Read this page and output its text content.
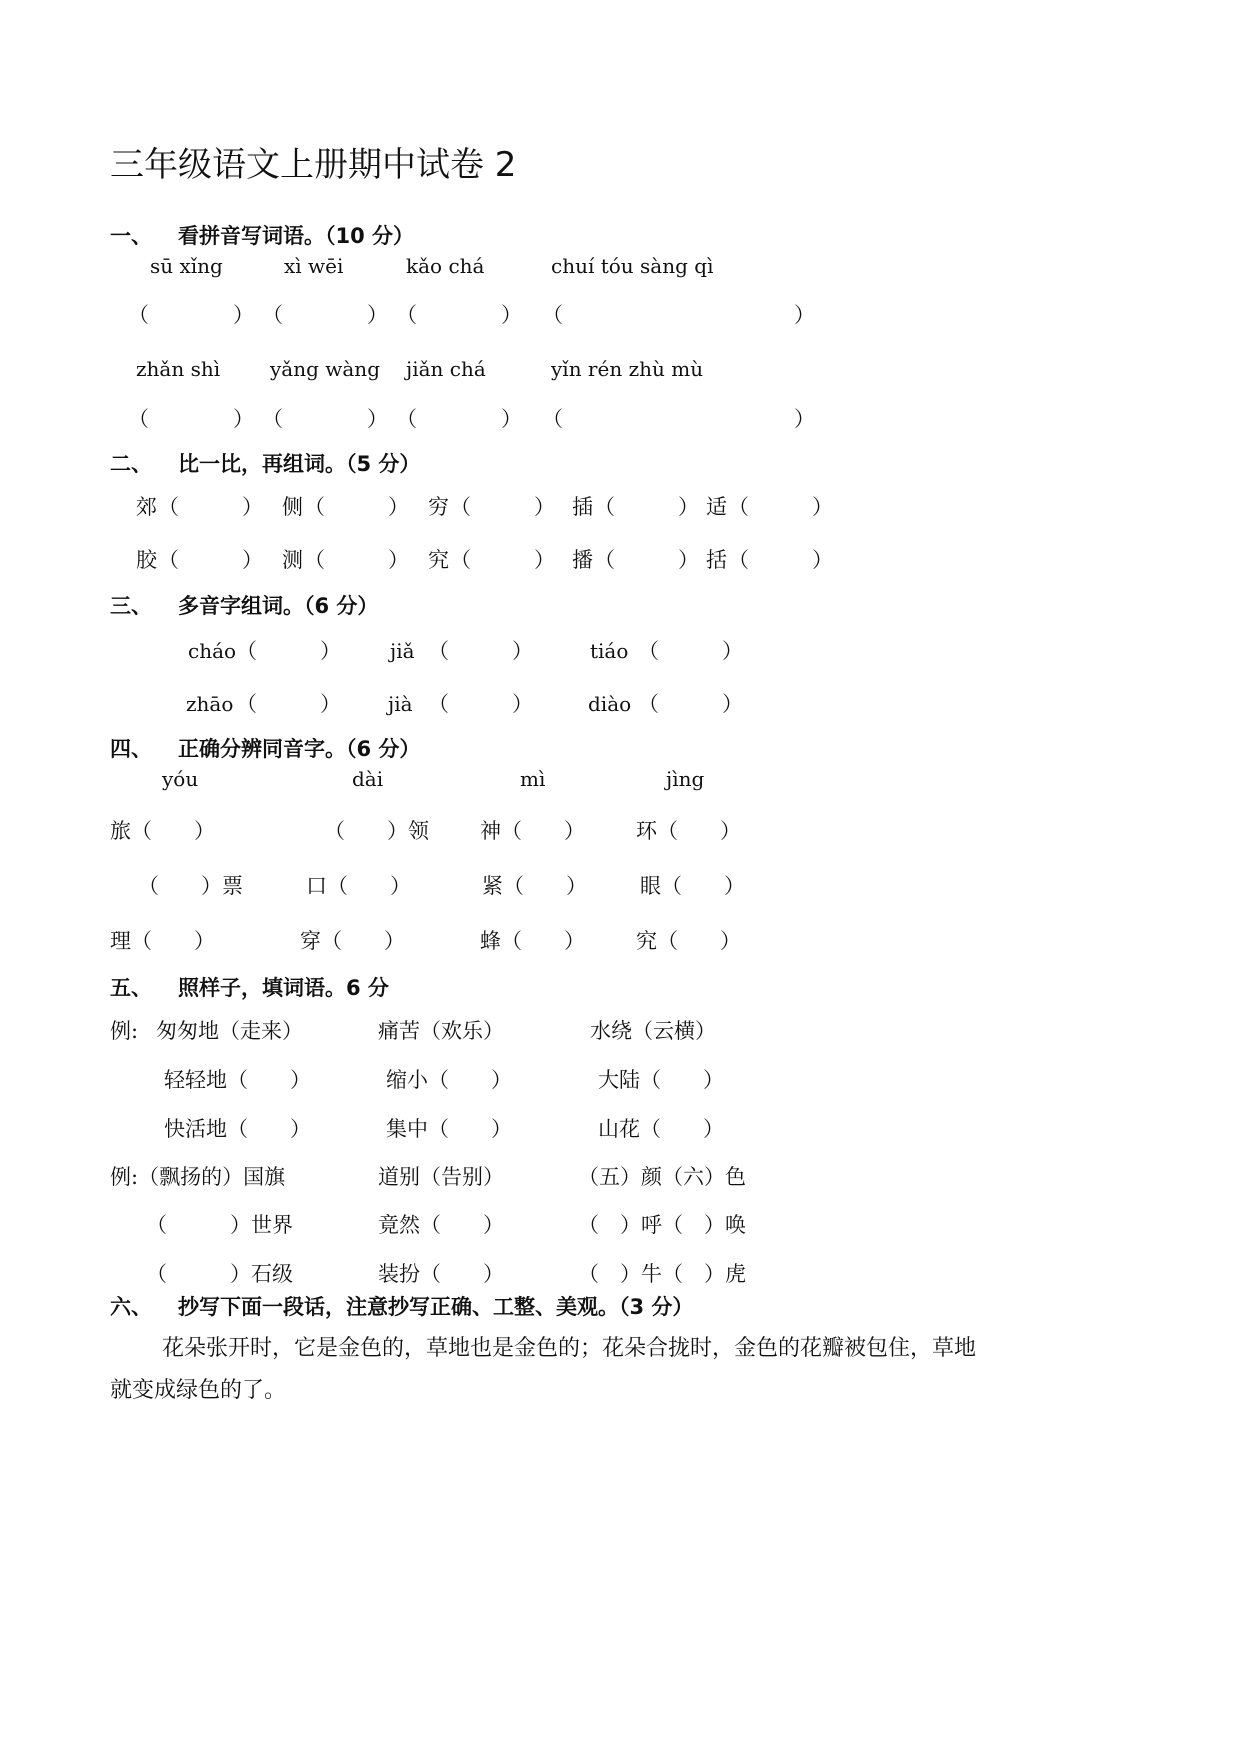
三年级语文上册期中试卷 2
一、 看拼音写词语。（10 分）
sū xǐng	xì wēi	kǎo chá	chuí tóu sàng qì
（　　　　） （　　　　） （　　　　） （　　　　　　　　　　　）
zhǎn shì yǎng wàng jiǎn chá	yǐn rén zhù mù
（　　　　） （　　　　） （　　　　） （　　　　　　　　　　　）
二、 比一比，再组词。（5 分）
郊 （　　　） 侧 （　　　） 穷 （　　　） 插 （　　　） 适 （　　　）
胶 （　　　） 测 （　　　） 究 （　　　） 播 （　　　） 括 （　　　）
三、 多音字组词。（6 分）
cháo （　　　） jiǎ （　　　）	tiáo （　　　）
zhāo （　　　） jià （　　　）	diào （　　　）
四、 正确分辨同音字。（6 分）
yóu	dài	mì	jìng
旅（　　）	（　　）领 神（　　） 环（　　）
（　　）票	口（　　）	紧（　　）	眼（　　）
理（　　）	穿（　　）	蜂（　　） 究（　　）
五、 照样子，填词语。6 分
例: 匆匆地（走来）	痛苦（欢乐）	水绕（云横）
轻轻地（　　）	缩小（　　）	大陆（　　）
快活地（　　）	集中（　　）	山花（　　）
例:（飘扬的）国旗	道别（告别）	（五）颜（六）色
（　　　）世界	竟然（　　）	（　）呼（　）唤
（　　　）石级	装扮（　　）	（　）牛（　）虎
六、 抄写下面一段话，注意抄写正确、工整、美观。（3 分）
花朵张开时，它是金色的，草地也是金色的；花朵合拢时，金色的花瓣被包住，草地
就变成绿色的了。
